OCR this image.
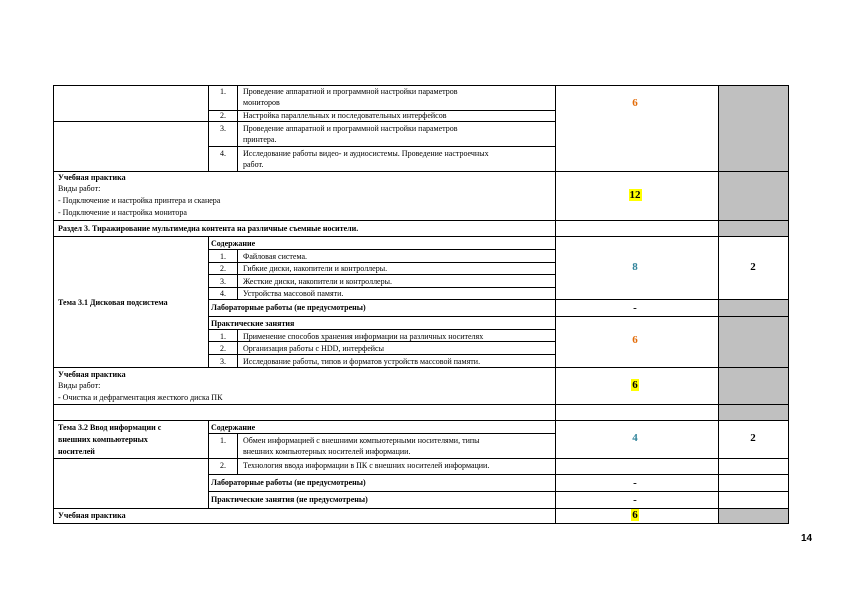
1.	Проведение аппаратной и программной настройки параметров
мониторов
2.	Настройка параллельных и последовательных интерфейсов
3.	Проведение аппаратной и программной настройки параметров
принтера.
4.	Исследование работы видео- и аудиосистемы. Проведение настроечных
работ.
6
Учебная практика
Виды работ:
- Подключение и настройка принтера и сканера
- Подключение и настройка монитора
12
Раздел 3. Тиражирование мультимедиа контента на различные съемные носители.
Тема 3.1 Дисковая подсистема
Содержание
1.	Файловая система.
2.	Гибкие диски, накопители и контроллеры.
3.	Жесткие диски, накопители и контроллеры.
4.	Устройства массовой памяти.
8	2
Лабораторные работы (не предусмотрены)	-
Практические занятия
1.	Применение способов хранения информации на различных носителях
2.	Организация работы с HDD, интерфейсы
3.	Исследование работы, типов и форматов устройств массовой памяти.
6
Учебная практика
Виды работ:
- Очистка и дефрагментация жесткого диска ПК
6
Тема 3.2 Ввод информации с
внешних компьютерных
носителей
Содержание
1.	Обмен информацией с внешними компьютерными носителями, типы
внешних компьютерных носителей информации.
2.	Технология ввода информации в ПК с внешних носителей информации.
4	2
Лабораторные работы (не предусмотрены)	-
Практические занятия (не предусмотрены)	-
Учебная практика	6
14
